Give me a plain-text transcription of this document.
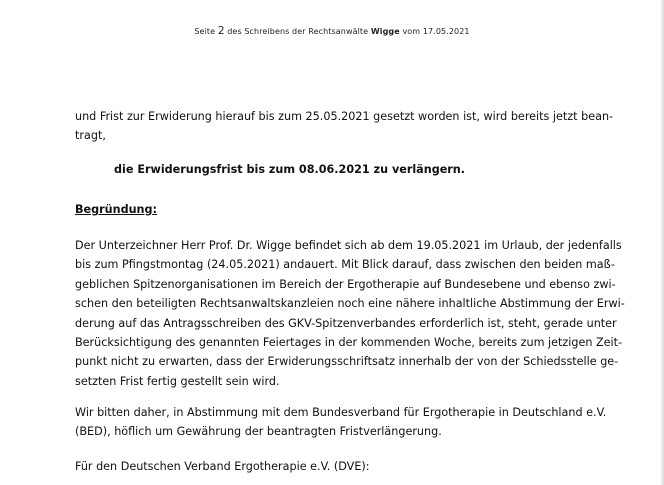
Seite 2 des Schreibens der Rechtsanwälte Wigge vom 17.05.2021
und Frist zur Erwiderung hierauf bis zum 25.05.2021 gesetzt worden ist, wird bereits jetzt bean-
tragt,
die Erwiderungsfrist bis zum 08.06.2021 zu verlängern.
Begründung:
Der Unterzeichner Herr Prof. Dr. Wigge befindet sich ab dem 19.05.2021 im Urlaub, der jedenfalls
bis zum Pfingstmontag (24.05.2021) andauert. Mit Blick darauf, dass zwischen den beiden maß-
geblichen Spitzenorganisationen im Bereich der Ergotherapie auf Bundesebene und ebenso zwi-
schen den beteiligten Rechtsanwaltskanzleien noch eine nähere inhaltliche Abstimmung der Erwi-
derung auf das Antragsschreiben des GKV-Spitzenverbandes erforderlich ist, steht, gerade unter
Berücksichtigung des genannten Feiertages in der kommenden Woche, bereits zum jetzigen Zeit-
punkt nicht zu erwarten, dass der Erwiderungsschriftsatz innerhalb der von der Schiedsstelle ge-
setzten Frist fertig gestellt sein wird.
Wir bitten daher, in Abstimmung mit dem Bundesverband für Ergotherapie in Deutschland e.V.
(BED), höflich um Gewährung der beantragten Fristverlängerung.
Für den Deutschen Verband Ergotherapie e.V. (DVE):
